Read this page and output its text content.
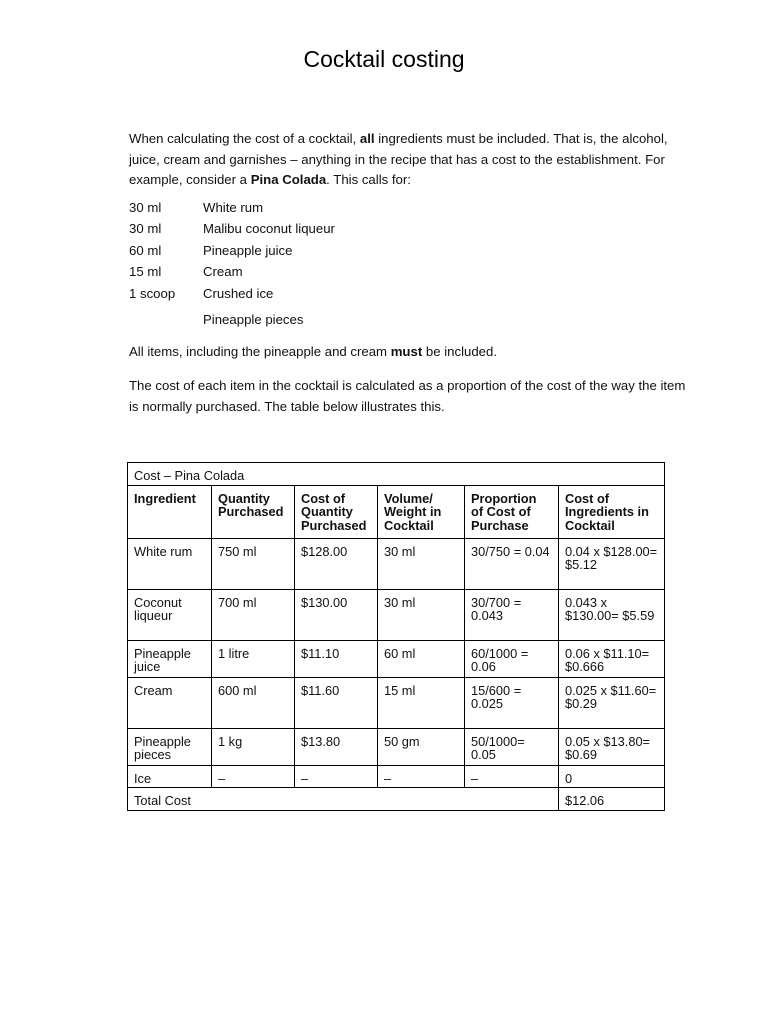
Cocktail costing

When calculating the cost of a cocktail, all ingredients must be included. That is, the alcohol, juice, cream and garnishes – anything in the recipe that has a cost to the establishment. For example, consider a Pina Colada. This calls for:

30 ml	White rum
30 ml	Malibu coconut liqueur
60 ml	Pineapple juice
15 ml	Cream
1 scoop	Crushed ice
Pineapple pieces

All items, including the pineapple and cream must be included.

The cost of each item in the cocktail is calculated as a proportion of the cost of the way the item is normally purchased. The table below illustrates this.

Cost – Pina Colada					
Ingredient	Quantity Purchased	Cost of Quantity Purchased	Volume/ Weight in Cocktail	Proportion of Cost of Purchase	Cost of Ingredients in Cocktail
White rum	750 ml	$128.00	30 ml	30/750 = 0.04	0.04 x $128.00= $5.12
Coconut liqueur	700 ml	$130.00	30 ml	30/700 = 0.043	0.043 x $130.00= $5.59
Pineapple juice	1 litre	$11.10	60 ml	60/1000 = 0.06	0.06 x $11.10= $0.666
Cream	600 ml	$11.60	15 ml	15/600 = 0.025	0.025 x $11.60= $0.29
Pineapple pieces	1 kg	$13.80	50 gm	50/1000= 0.05	0.05 x $13.80= $0.69
Ice	–	–	–	–	0
Total Cost					$12.06
